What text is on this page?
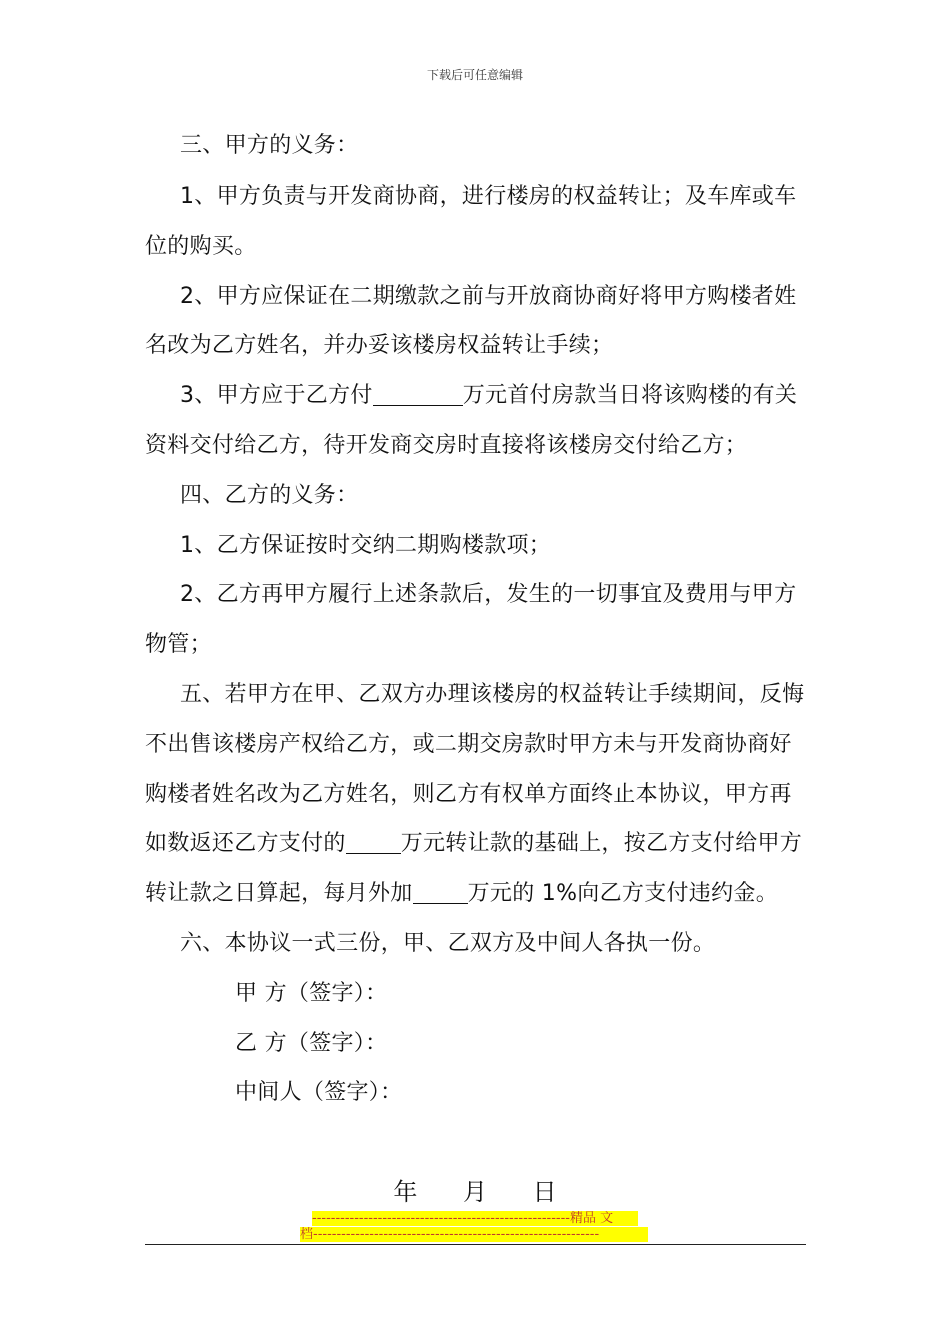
下载后可任意编辑
三、甲方的义务：
1、甲方负责与开发商协商，进行楼房的权益转让；及车库或车
位的购买。
2、甲方应保证在二期缴款之前与开放商协商好将甲方购楼者姓
名改为乙方姓名，并办妥该楼房权益转让手续；
3、甲方应于乙方付	万元首付房款当日将该购楼的有关
资料交付给乙方，待开发商交房时直接将该楼房交付给乙方；
四、乙方的义务：
1、乙方保证按时交纳二期购楼款项；
2、乙方再甲方履行上述条款后，发生的一切事宜及费用与甲方
物管；
五、若甲方在甲、乙双方办理该楼房的权益转让手续期间，反悔
不出售该楼房产权给乙方，或二期交房款时甲方未与开发商协商好
购楼者姓名改为乙方姓名，则乙方有权单方面终止本协议，甲方再
如数返还乙方支付的	万元转让款的基础上，按乙方支付给甲方
转让款之日算起，每月外加	万元的 1%向乙方支付违约金。
六、本协议一式三份，甲、乙双方及中间人各执一份。
甲 方（签字）：
乙 方（签字）：
中间人（签字）：
年 月 日
-------------------------------------------------------精品 文
档-------------------------------------------------------------
